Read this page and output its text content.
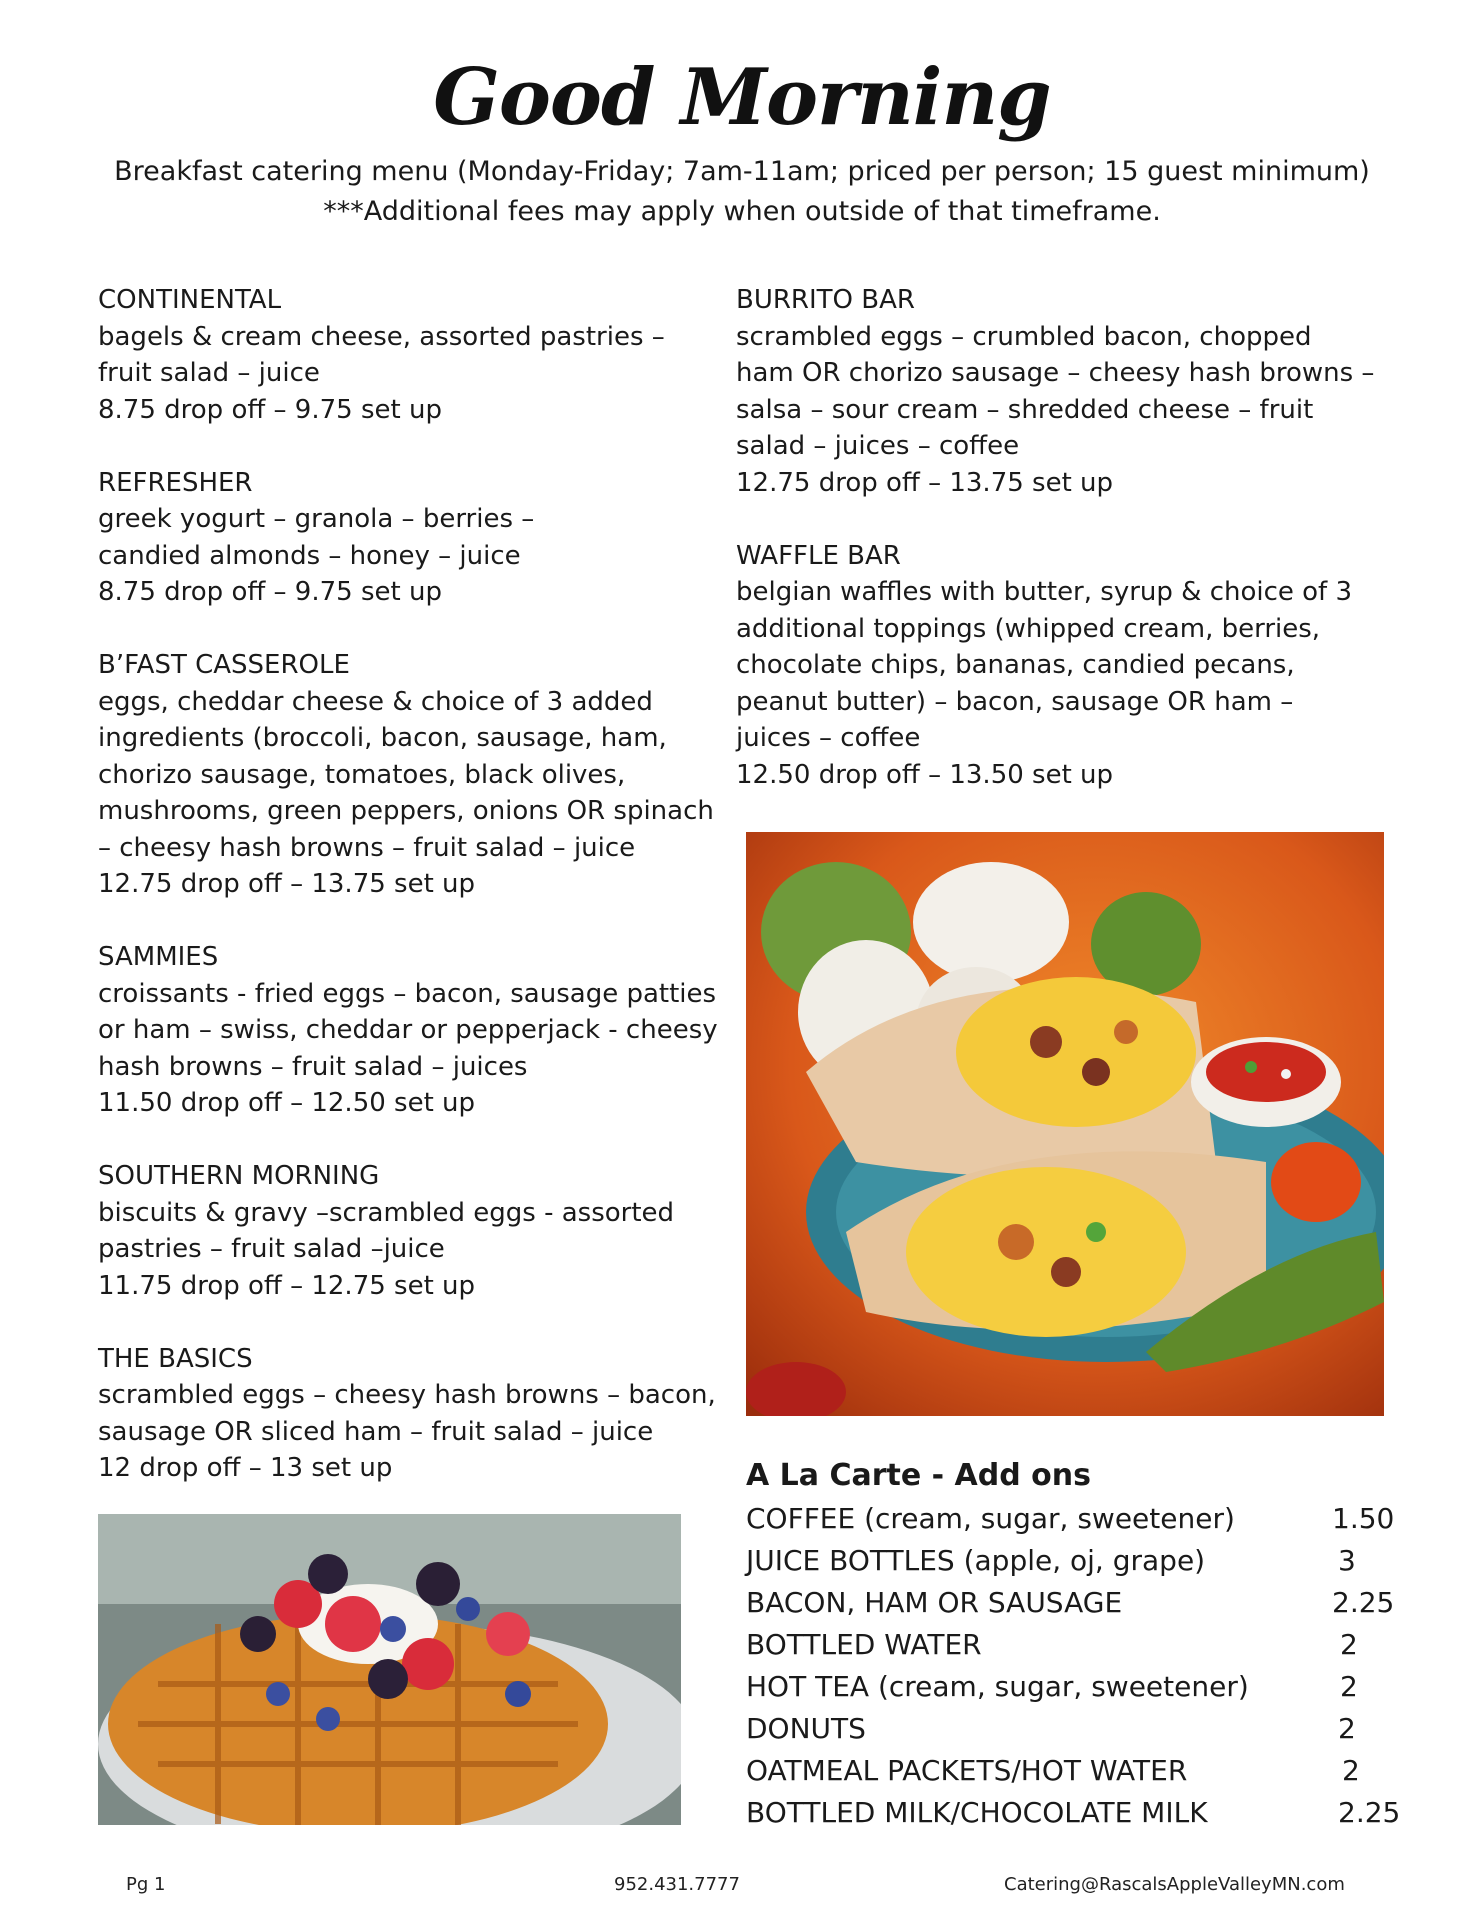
Good Morning
Breakfast catering menu (Monday-Friday; 7am-11am; priced per person; 15 guest minimum)
***Additional fees may apply when outside of that timeframe.
CONTINENTAL
bagels & cream cheese, assorted pastries – fruit salad – juice
8.75 drop off – 9.75 set up
REFRESHER
greek yogurt – granola – berries – candied almonds – honey – juice
8.75 drop off – 9.75 set up
B’FAST CASSEROLE
eggs, cheddar cheese & choice of 3 added ingredients (broccoli, bacon, sausage, ham, chorizo sausage, tomatoes, black olives, mushrooms, green peppers, onions OR spinach – cheesy hash browns – fruit salad – juice
12.75 drop off – 13.75 set up
SAMMIES
croissants - fried eggs – bacon, sausage patties or ham – swiss, cheddar or pepperjack - cheesy hash browns – fruit salad – juices
11.50 drop off – 12.50 set up
SOUTHERN MORNING
biscuits & gravy –scrambled eggs - assorted pastries – fruit salad –juice
11.75 drop off – 12.75 set up
THE BASICS
scrambled eggs – cheesy hash browns – bacon, sausage OR sliced ham – fruit salad – juice
12 drop off – 13 set up
BURRITO BAR
scrambled eggs – crumbled bacon, chopped ham OR chorizo sausage – cheesy hash browns – salsa – sour cream – shredded cheese – fruit salad – juices – coffee
12.75 drop off – 13.75 set up
WAFFLE BAR
belgian waffles with butter, syrup & choice of 3 additional toppings (whipped cream, berries, chocolate chips, bananas, candied pecans, peanut butter) – bacon, sausage OR ham – juices – coffee
12.50 drop off – 13.50 set up
A La Carte - Add ons
COFFEE (cream, sugar, sweetener)	1.50
JUICE BOTTLES (apple, oj, grape)	3
BACON, HAM OR SAUSAGE	2.25
BOTTLED WATER	2
HOT TEA (cream, sugar, sweetener)	2
DONUTS	2
OATMEAL PACKETS/HOT WATER	2
BOTTLED MILK/CHOCOLATE MILK	2.25
Pg 1	952.431.7777	Catering@RascalsAppleValleyMN.com
